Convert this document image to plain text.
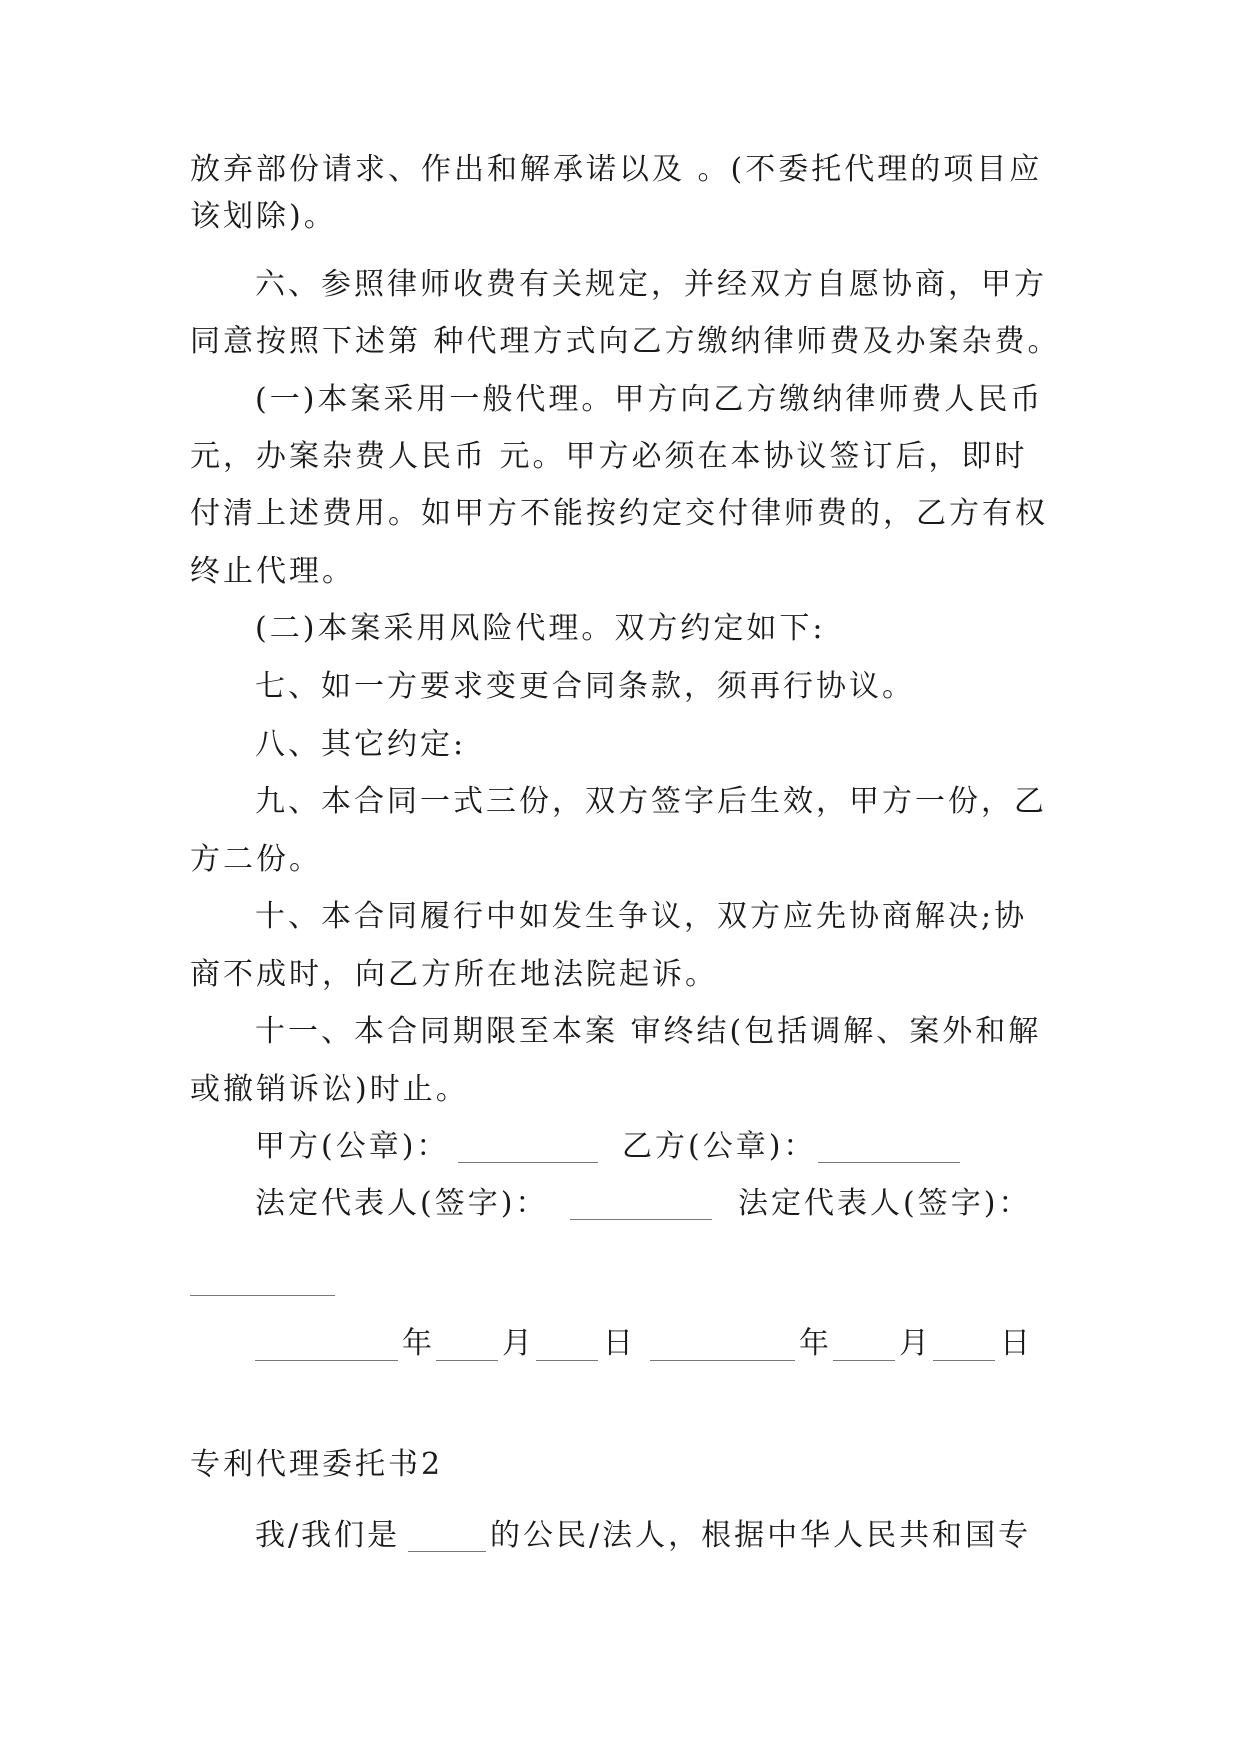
放弃部份请求、作出和解承诺以及 。(不委托代理的项目应
该划除)。
六、参照律师收费有关规定，并经双方自愿协商，甲方
同意按照下述第 种代理方式向乙方缴纳律师费及办案杂费。
(一)本案采用一般代理。甲方向乙方缴纳律师费人民币
元，办案杂费人民币 元。甲方必须在本协议签订后，即时
付清上述费用。如甲方不能按约定交付律师费的，乙方有权
终止代理。
(二)本案采用风险代理。双方约定如下:
七、如一方要求变更合同条款，须再行协议。
八、其它约定:
九、本合同一式三份，双方签字后生效，甲方一份，乙
方二份。
十、本合同履行中如发生争议，双方应先协商解决;协
商不成时，向乙方所在地法院起诉。
十一、本合同期限至本案 审终结(包括调解、案外和解
或撤销诉讼)时止。
甲方(公章)：	乙方(公章)：
法定代表人(签字)：	法定代表人(签字)：
年 月 日	年 月 日
专利代理委托书2
我/我们是	的公民/法人，根据中华人民共和国专
